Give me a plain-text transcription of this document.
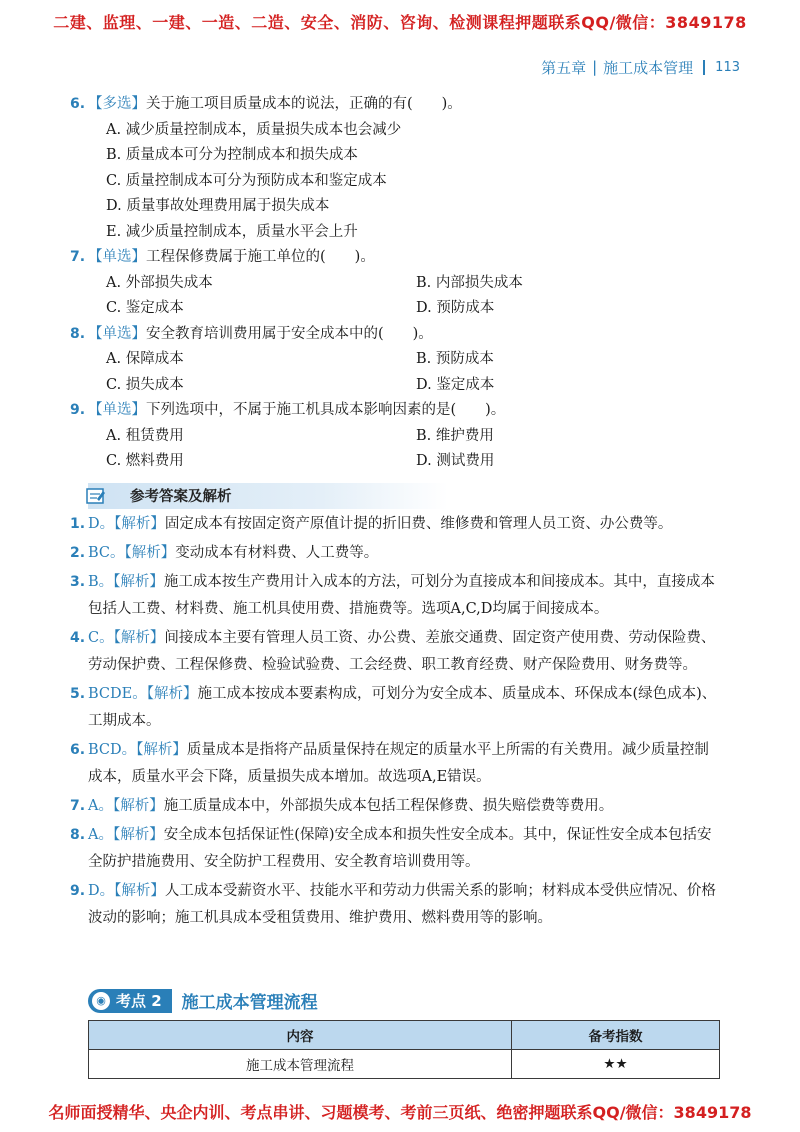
二建、监理、一建、一造、二造、安全、消防、咨询、检测课程押题联系QQ/微信：3849178
第五章 | 施工成本管理	113
6. 【多选】关于施工项目质量成本的说法，正确的有(　　)。
A. 减少质量控制成本，质量损失成本也会减少
B. 质量成本可分为控制成本和损失成本
C. 质量控制成本可分为预防成本和鉴定成本
D. 质量事故处理费用属于损失成本
E. 减少质量控制成本，质量水平会上升
7. 【单选】工程保修费属于施工单位的(　　)。
A. 外部损失成本	B. 内部损失成本
C. 鉴定成本	D. 预防成本
8. 【单选】安全教育培训费用属于安全成本中的(　　)。
A. 保障成本	B. 预防成本
C. 损失成本	D. 鉴定成本
9. 【单选】下列选项中，不属于施工机具成本影响因素的是(　　)。
A. 租赁费用	B. 维护费用
C. 燃料费用	D. 测试费用
参考答案及解析
1. D。【解析】固定成本有按固定资产原值计提的折旧费、维修费和管理人员工资、办公费等。
2. BC。【解析】变动成本有材料费、人工费等。
3. B。【解析】施工成本按生产费用计入成本的方法，可划分为直接成本和间接成本。其中，直接成本包括人工费、材料费、施工机具使用费、措施费等。选项A,C,D均属于间接成本。
4. C。【解析】间接成本主要有管理人员工资、办公费、差旅交通费、固定资产使用费、劳动保险费、劳动保护费、工程保修费、检验试验费、工会经费、职工教育经费、财产保险费用、财务费等。
5. BCDE。【解析】施工成本按成本要素构成，可划分为安全成本、质量成本、环保成本(绿色成本)、工期成本。
6. BCD。【解析】质量成本是指将产品质量保持在规定的质量水平上所需的有关费用。减少质量控制成本，质量水平会下降，质量损失成本增加。故选项A,E错误。
7. A。【解析】施工质量成本中，外部损失成本包括工程保修费、损失赔偿费等费用。
8. A。【解析】安全成本包括保证性(保障)安全成本和损失性安全成本。其中，保证性安全成本包括安全防护措施费用、安全防护工程费用、安全教育培训费用等。
9. D。【解析】人工成本受薪资水平、技能水平和劳动力供需关系的影响；材料成本受供应情况、价格波动的影响；施工机具成本受租赁费用、维护费用、燃料费用等的影响。
◉ 考点 2 施工成本管理流程
内容	备考指数
施工成本管理流程	★★
名师面授精华、央企内训、考点串讲、习题模考、考前三页纸、绝密押题联系QQ/微信：3849178
